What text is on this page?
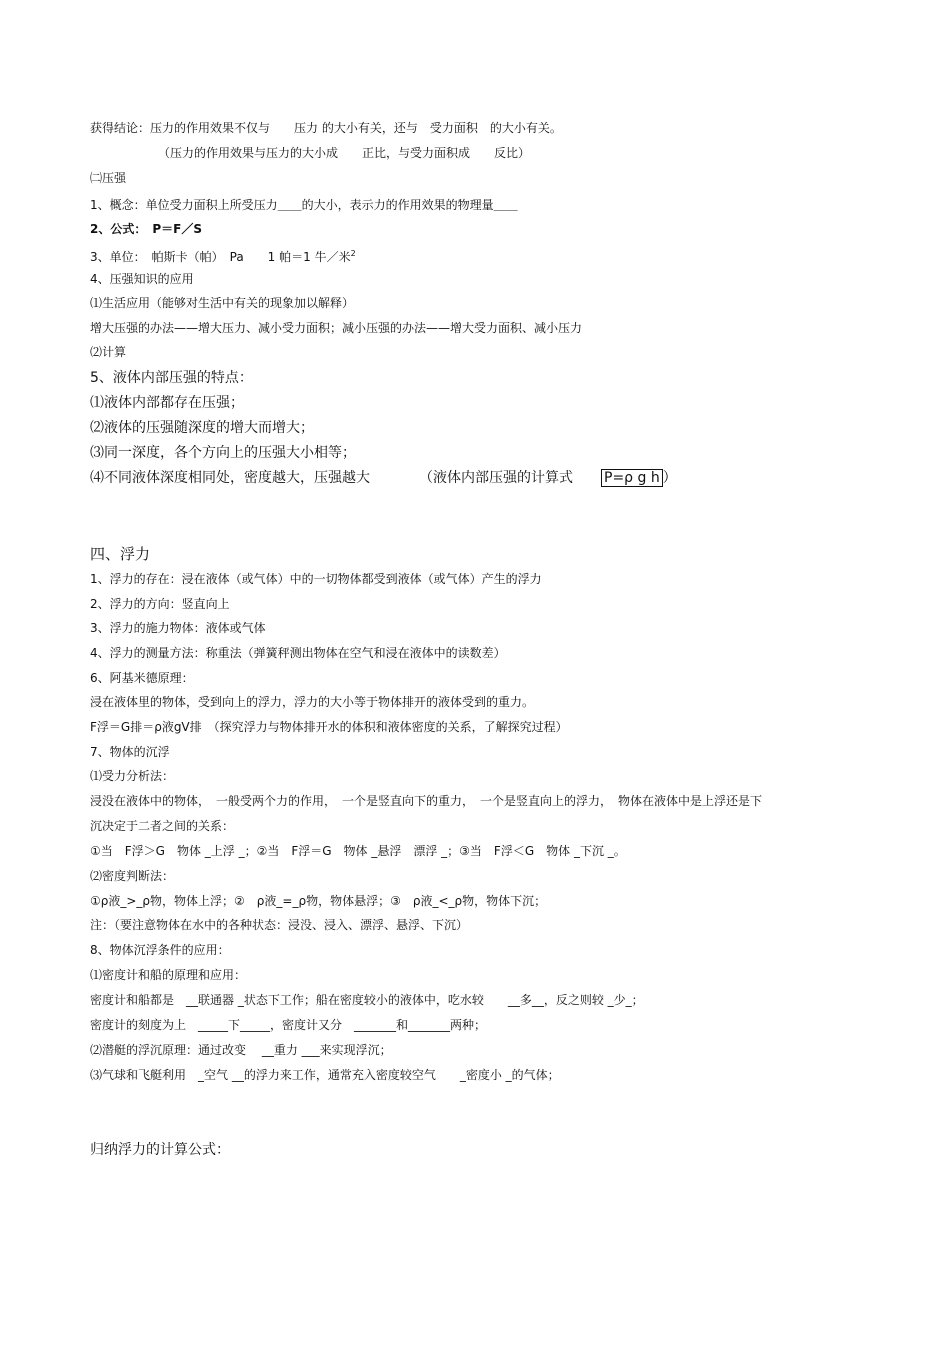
获得结论：压力的作用效果不仅与　　压力 的大小有关，还与　受力面积　的大小有关。
（压力的作用效果与压力的大小成　　正比，与受力面积成　　反比）
㈡压强
1、概念：单位受力面积上所受压力＿＿的大小，表示力的作用效果的物理量＿＿
2、公式：　P＝F／S
3、单位：　帕斯卡（帕）　Pa　　1 帕＝1 牛／米$^2$
4、压强知识的应用
⑴生活应用（能够对生活中有关的现象加以解释）
增大压强的办法——增大压力、减小受力面积；减小压强的办法——增大受力面积、减小压力
⑵计算
5、液体内部压强的特点：
⑴液体内部都存在压强；
⑵液体的压强随深度的增大而增大；
⑶同一深度，各个方向上的压强大小相等；
⑷不同液体深度相同处，密度越大，压强越大　　　　（液体内部压强的计算式　　P=ρ g h ）
四、浮力
1、浮力的存在：浸在液体（或气体）中的一切物体都受到液体（或气体）产生的浮力
2、浮力的方向：竖直向上
3、浮力的施力物体：液体或气体
4、浮力的测量方法：称重法（弹簧秤测出物体在空气和浸在液体中的读数差）
6、阿基米德原理：
浸在液体里的物体，受到向上的浮力，浮力的大小等于物体排开的液体受到的重力。
F浮＝G排＝ρ液gV排　（探究浮力与物体排开水的体积和液体密度的关系，了解探究过程）
7、物体的沉浮
⑴受力分析法：
浸没在液体中的物体，　一般受两个力的作用，　一个是竖直向下的重力，　一个是竖直向上的浮力，　物体在液体中是上浮还是下
沉决定于二者之间的关系：
①当　F浮＞G　物体 _上浮 _；②当　F浮＝G　物体 _悬浮　漂浮 _；③当　F浮＜G　物体 _下沉 _。
⑵密度判断法：
①ρ液_>_ρ物，物体上浮；②　ρ液_=_ρ物，物体悬浮；③　ρ液_<_ρ物，物体下沉；
注：（要注意物体在水中的各种状态：浸没、浸入、漂浮、悬浮、下沉）
8、物体沉浮条件的应用：
⑴密度计和船的原理和应用：
密度计和船都是　__联通器 _状态下工作；船在密度较小的液体中，吃水较　　__多__，反之则较 _少_；
密度计的刻度为上　_____下_____，密度计又分　_______和_______两种；
⑵潜艇的浮沉原理：通过改变　 __重力 ___来实现浮沉；
⑶气球和飞艇利用　_空气 __的浮力来工作，通常充入密度较空气　　_密度小 _的气体；
归纳浮力的计算公式：
